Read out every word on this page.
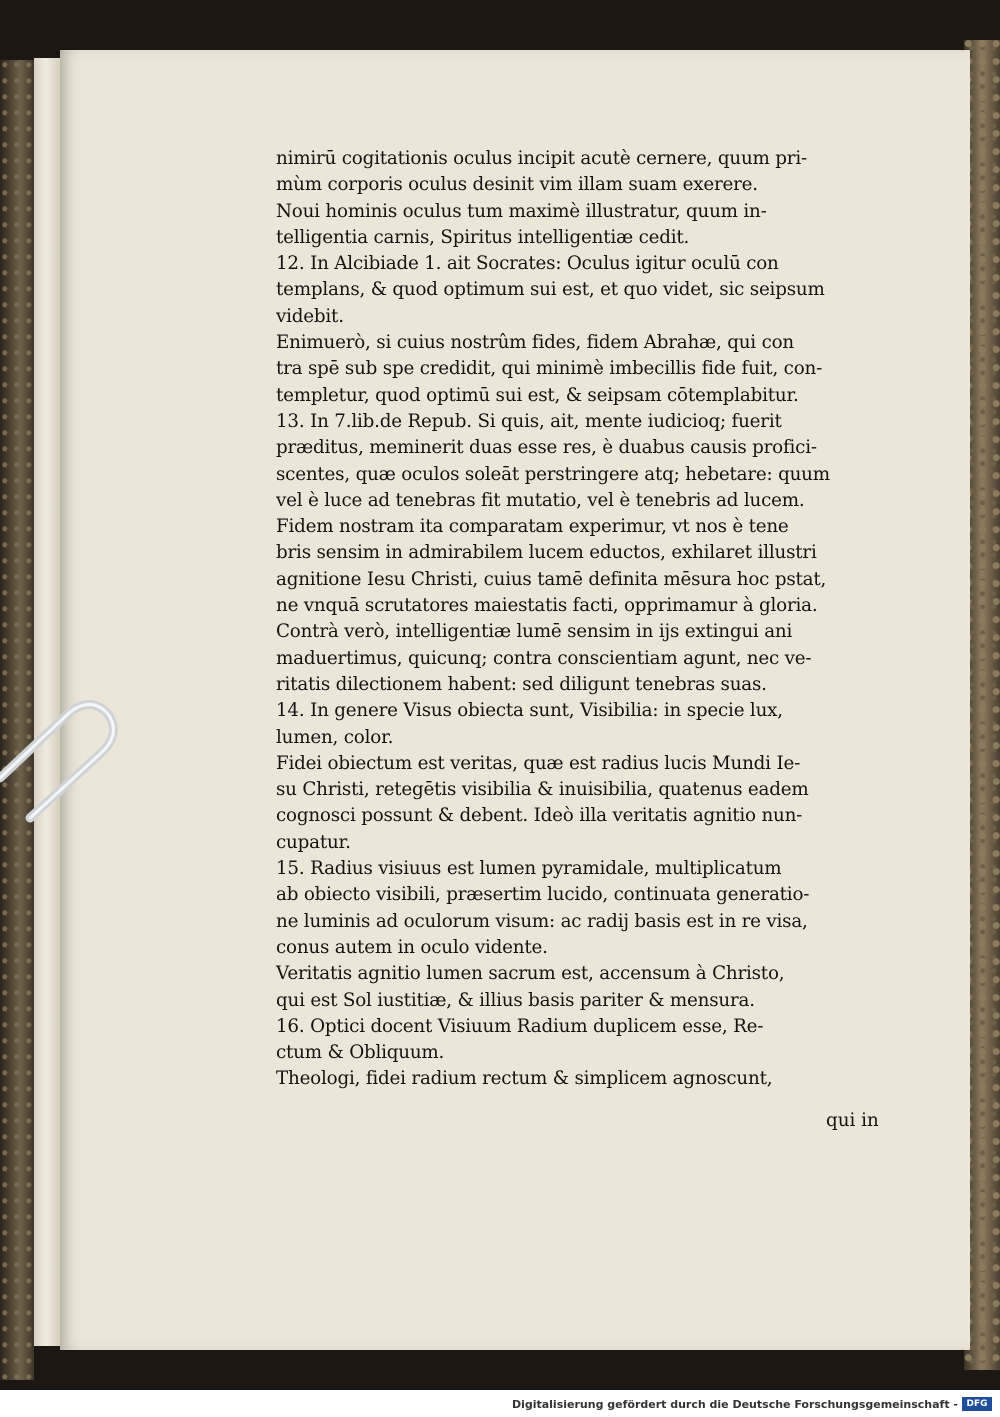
nimirū cogitationis oculus incipit acutè cernere, quum pri-
mùm corporis oculus desinit vim illam suam exerere.
Noui hominis oculus tum maximè illustratur, quum in-
telligentia carnis, Spiritus intelligentiæ cedit.
12. In Alcibiade 1. ait Socrates: Oculus igitur oculū con
templans, & quod optimum sui est, et quo videt, sic seipsum
videbit.
Enimuerò, si cuius nostrûm fides, fidem Abrahæ, qui con
tra spē sub spe credidit, qui minimè imbecillis fide fuit, con-
templetur, quod optimū sui est, & seipsam cōtemplabitur.
13. In 7.lib.de Repub. Si quis, ait, mente iudicioq; fuerit
præditus, meminerit duas esse res, è duabus causis profici-
scentes, quæ oculos soleāt perstringere atq; hebetare: quum
vel è luce ad tenebras fit mutatio, vel è tenebris ad lucem.
Fidem nostram ita comparatam experimur, vt nos è tene
bris sensim in admirabilem lucem eductos, exhilaret illustri
agnitione Iesu Christi, cuius tamē definita mēsura hoc pstat,
ne vnquā scrutatores maiestatis facti, opprimamur à gloria.
Contrà verò, intelligentiæ lumē sensim in ijs extingui ani
maduertimus, quicunq; contra conscientiam agunt, nec ve-
ritatis dilectionem habent: sed diligunt tenebras suas.
14. In genere Visus obiecta sunt, Visibilia: in specie lux,
lumen, color.
Fidei obiectum est veritas, quæ est radius lucis Mundi Ie-
su Christi, retegētis visibilia & inuisibilia, quatenus eadem
cognosci possunt & debent. Ideò illa veritatis agnitio nun-
cupatur.
15. Radius visiuus est lumen pyramidale, multiplicatum
ab obiecto visibili, præsertim lucido, continuata generatio-
ne luminis ad oculorum visum: ac radij basis est in re visa,
conus autem in oculo vidente.
Veritatis agnitio lumen sacrum est, accensum à Christo,
qui est Sol iustitiæ, & illius basis pariter & mensura.
16. Optici docent Visiuum Radium duplicem esse, Re-
ctum & Obliquum.
Theologi, fidei radium rectum & simplicem agnoscunt,
qui in
Digitalisierung gefördert durch die Deutsche Forschungsgemeinschaft - DFG
